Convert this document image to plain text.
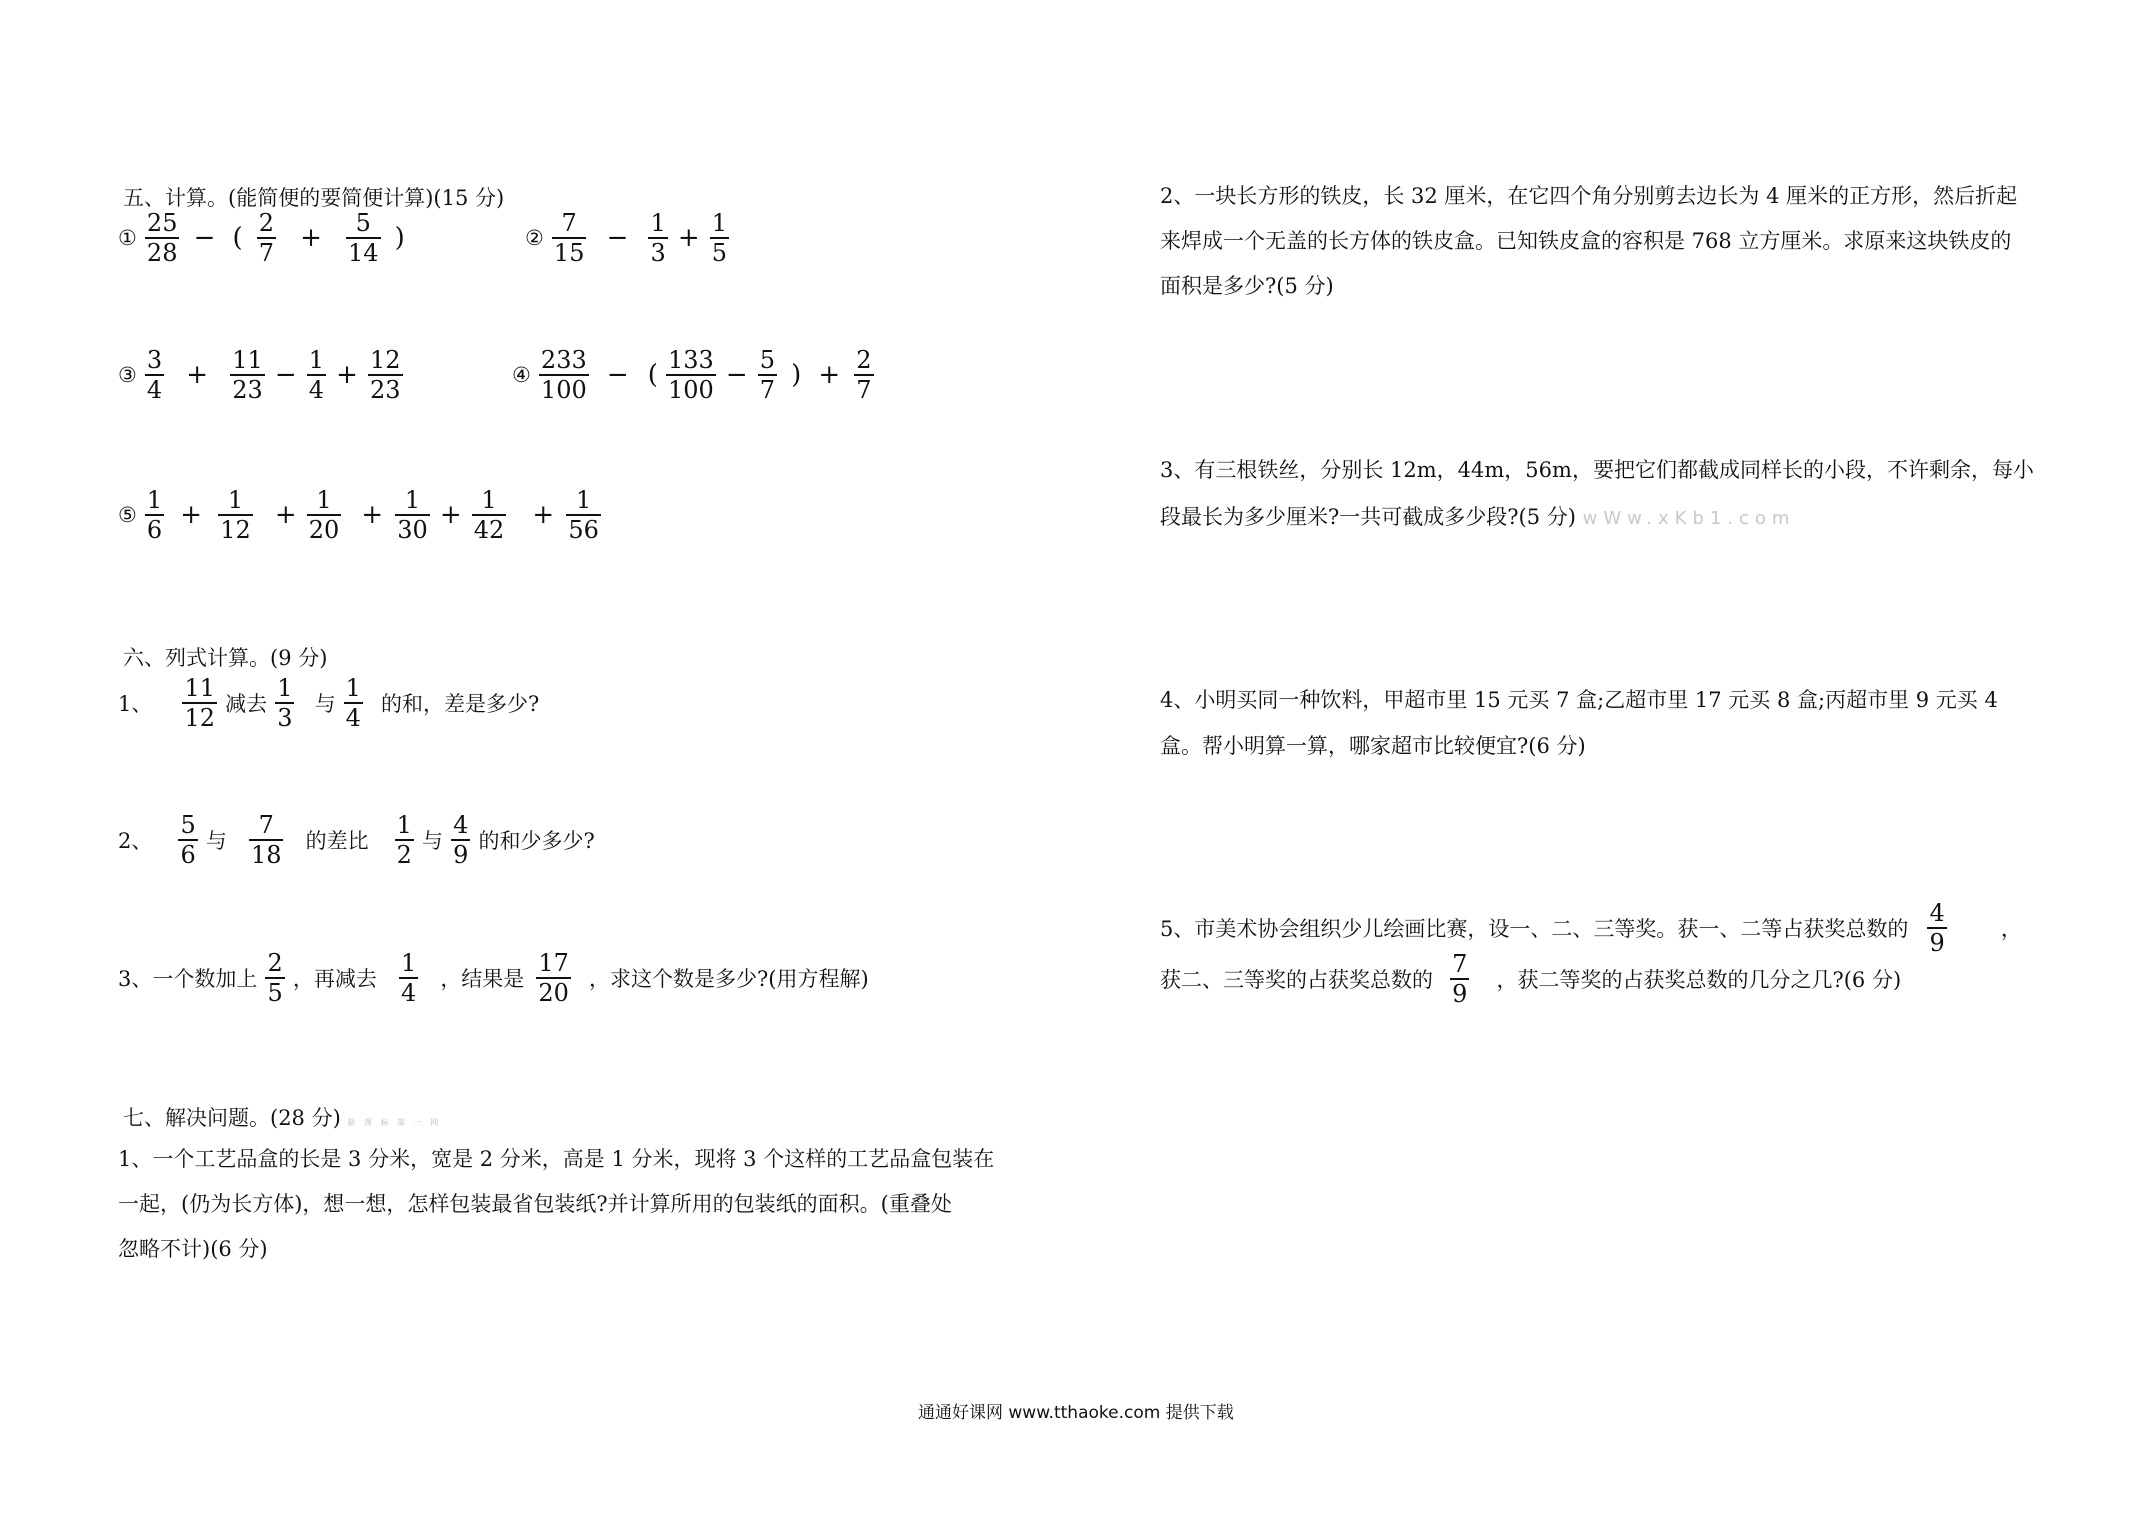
五、计算。(能简便的要简便计算)(15 分)
① $\frac{25}{28}$ − ( $\frac{2}{7} + \frac{5}{14}$ )	② $\frac{7}{15} - \frac{1}{3} + \frac{1}{5}$
③ $\frac{3}{4} + \frac{11}{23} - \frac{1}{4} + \frac{12}{23}$	④ $\frac{233}{100}$ − ( $\frac{133}{100} - \frac{5}{7}$ ) + $\frac{2}{7}$
⑤ $\frac{1}{6} + \frac{1}{12} + \frac{1}{20} + \frac{1}{30} + \frac{1}{42} + \frac{1}{56}$
六、列式计算。(9 分)
1、 $\frac{11}{12}$ 减去 $\frac{1}{3}$ 与 $\frac{1}{4}$ 的和，差是多少?
2、 $\frac{5}{6}$ 与 $\frac{7}{18}$ 的差比 $\frac{1}{2}$ 与 $\frac{4}{9}$ 的和少多少?
3、一个数加上 $\frac{2}{5}$ ，再减去 $\frac{1}{4}$ ，结果是 $\frac{17}{20}$ ，求这个数是多少?(用方程解)
七、解决问题。(28 分) 新 课 标 第 一 网
1、一个工艺品盒的长是 3 分米，宽是 2 分米，高是 1 分米，现将 3 个这样的工艺品盒包装在
一起，(仍为长方体)，想一想，怎样包装最省包装纸?并计算所用的包装纸的面积。(重叠处
忽略不计)(6 分)
2、一块长方形的铁皮，长 32 厘米，在它四个角分别剪去边长为 4 厘米的正方形，然后折起
来焊成一个无盖的长方体的铁皮盒。已知铁皮盒的容积是 768 立方厘米。求原来这块铁皮的
面积是多少?(5 分)
3、有三根铁丝，分别长 12m，44m，56m，要把它们都截成同样长的小段，不许剩余，每小
段最长为多少厘米?一共可截成多少段?(5 分) wWw.xKb1.com
4、小明买同一种饮料，甲超市里 15 元买 7 盒;乙超市里 17 元买 8 盒;丙超市里 9 元买 4
盒。帮小明算一算，哪家超市比较便宜?(6 分)
5、市美术协会组织少儿绘画比赛，设一、二、三等奖。获一、二等占获奖总数的 $\frac{4}{9}$	，
获二、三等奖的占获奖总数的 $\frac{7}{9}$ ，获二等奖的占获奖总数的几分之几?(6 分)
通通好课网 www.tthaoke.com 提供下载
